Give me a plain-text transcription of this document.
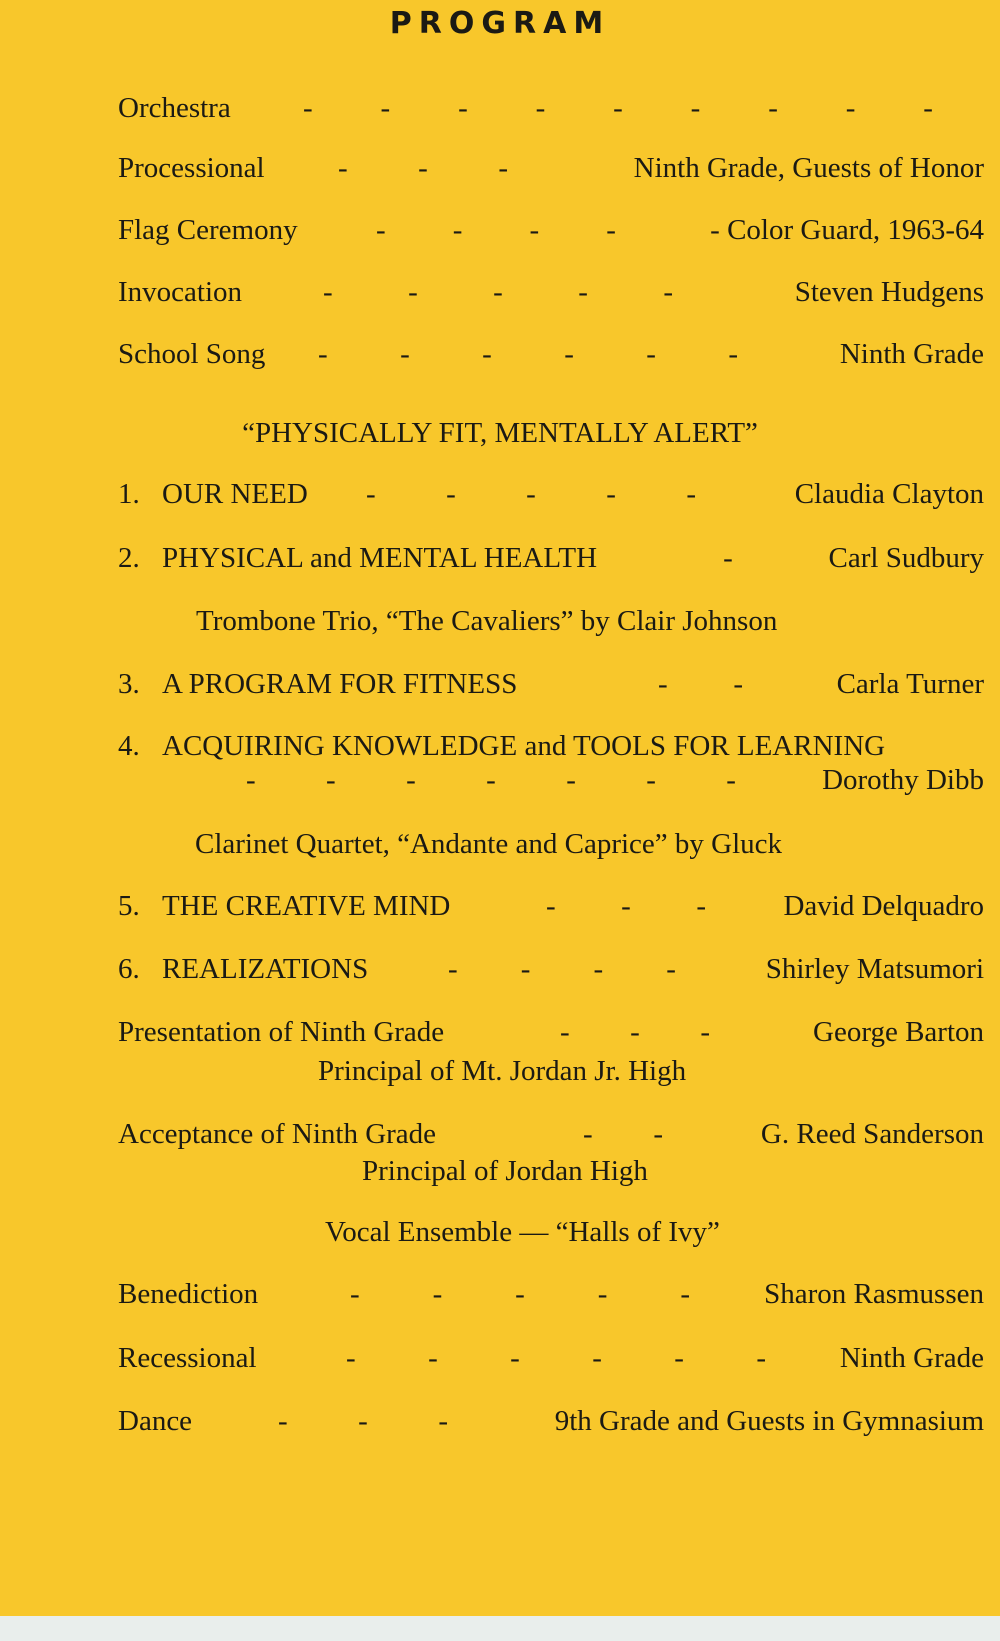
PROGRAM
Orchestra - - - - - - - - -
Processional	- - -	Ninth Grade, Guests of Honor
Flag Ceremony	- - - -	- Color Guard, 1963-64
Invocation	-	-	-	-	-	Steven Hudgens
School Song - - - - - -	Ninth Grade
“PHYSICALLY FIT, MENTALLY ALERT”
1. OUR NEED - - - - -	Claudia Clayton
2. PHYSICAL and MENTAL HEALTH	-	Carl Sudbury
Trombone Trio, “The Cavaliers” by Clair Johnson
3. A PROGRAM FOR FITNESS	- -	Carla Turner
4. ACQUIRING KNOWLEDGE and TOOLS FOR LEARNING
- - - - - - -	Dorothy Dibb
Clarinet Quartet, “Andante and Caprice” by Gluck
5. THE CREATIVE MIND	- - -	David Delquadro
6. REALIZATIONS	- - - -	Shirley Matsumori
Presentation of Ninth Grade	- - -	George Barton
Principal of Mt. Jordan Jr. High
Acceptance of Ninth Grade	- -	G. Reed Sanderson
Principal of Jordan High
Vocal Ensemble — “Halls of Ivy”
Benediction	-	-	-	-	-	Sharon Rasmussen
Recessional	- - - - - -	Ninth Grade
Dance	- - -	9th Grade and Guests in Gymnasium
